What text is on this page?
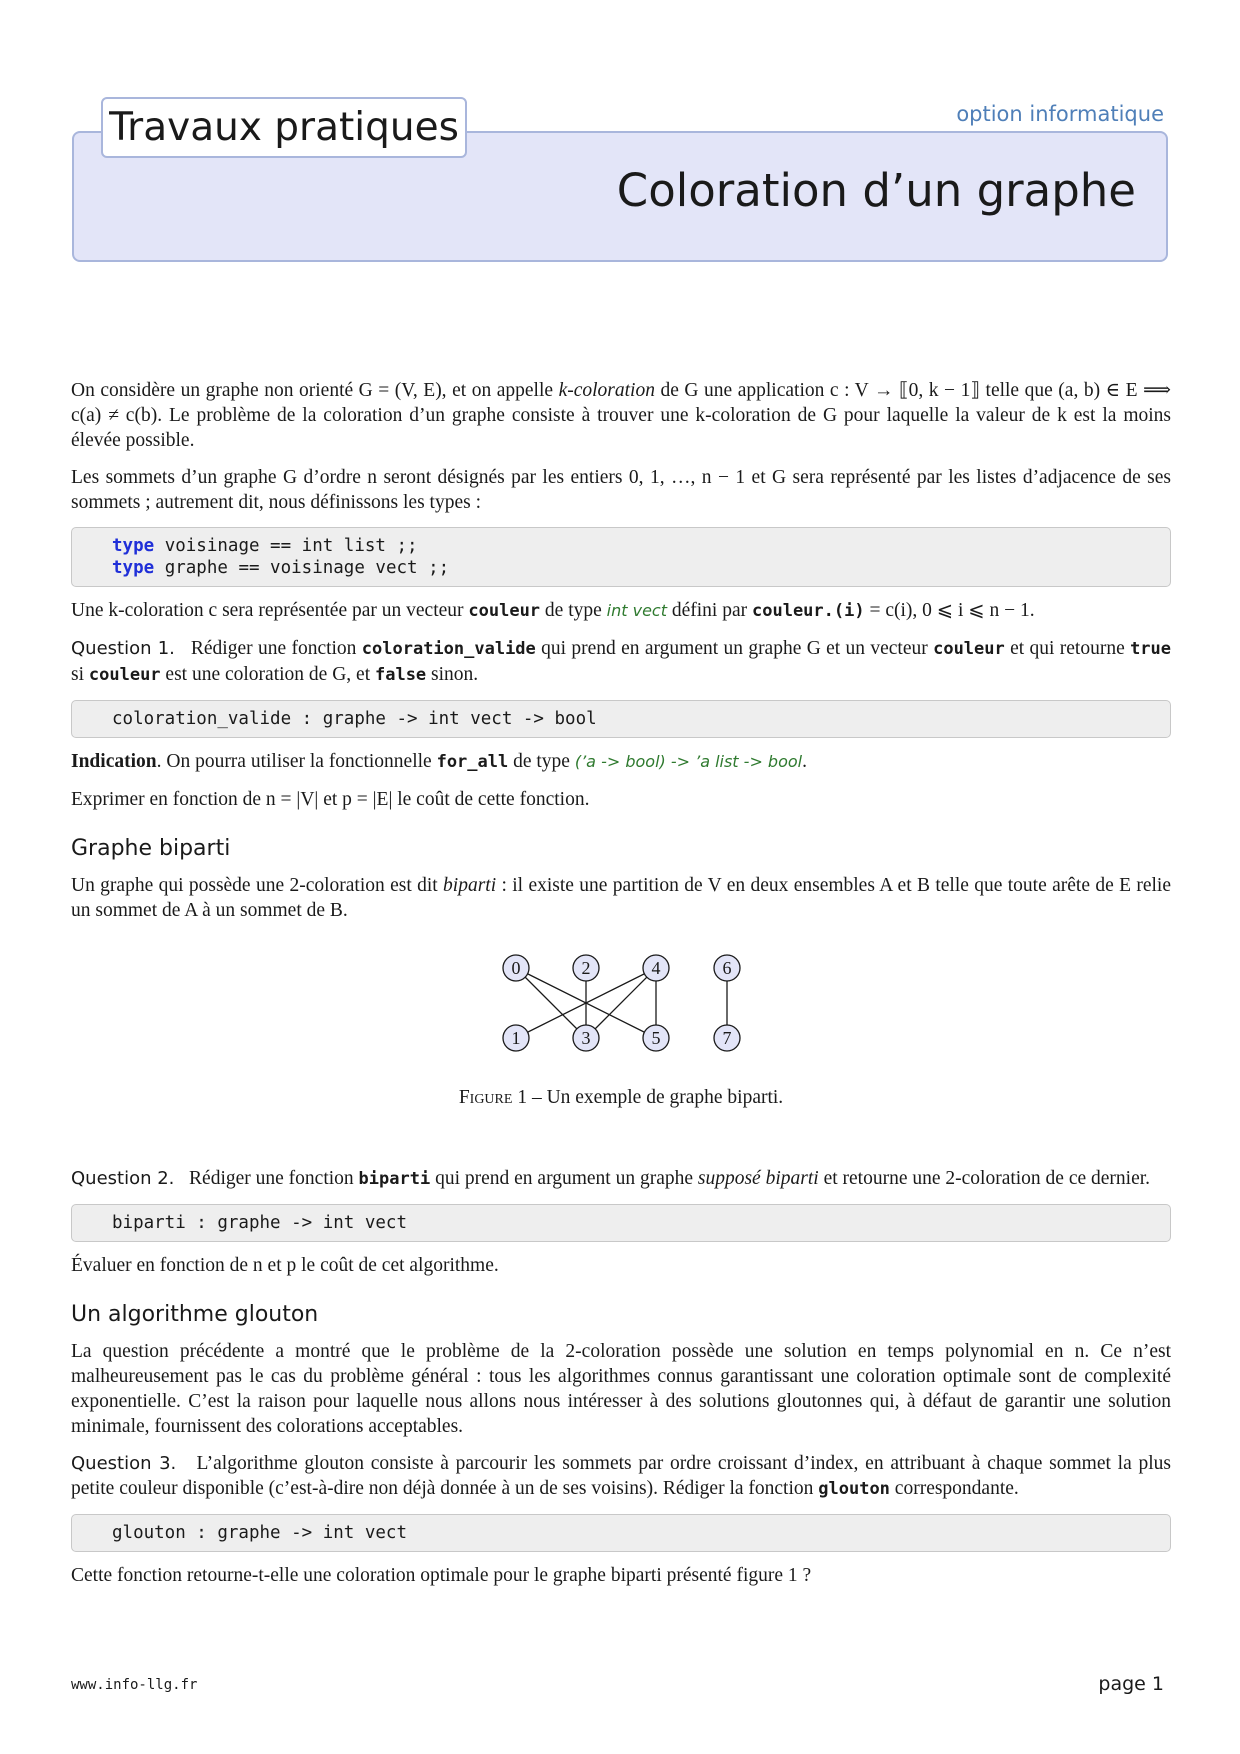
Travaux pratiques	option informatique
Coloration d’un graphe

On considère un graphe non orienté G = (V, E), et on appelle k-coloration de G une application c : V → ⟦0, k − 1⟧ telle que (a, b) ∈ E ⟹ c(a) ≠ c(b). Le problème de la coloration d’un graphe consiste à trouver une k-coloration de G pour laquelle la valeur de k est la moins élevée possible.

Les sommets d’un graphe G d’ordre n seront désignés par les entiers 0, 1, …, n − 1 et G sera représenté par les listes d’adjacence de ses sommets ; autrement dit, nous définissons les types :

type voisinage == int list ;;
type graphe == voisinage vect ;;

Une k-coloration c sera représentée par un vecteur couleur de type int vect défini par couleur.(i) = c(i), 0 ⩽ i ⩽ n − 1.

Question 1. Rédiger une fonction coloration_valide qui prend en argument un graphe G et un vecteur couleur et qui retourne true si couleur est une coloration de G, et false sinon.

coloration_valide : graphe -> int vect -> bool

Indication. On pourra utiliser la fonctionnelle for_all de type (’a -> bool) -> ’a list -> bool.

Exprimer en fonction de n = |V| et p = |E| le coût de cette fonction.

Graphe biparti

Un graphe qui possède une 2-coloration est dit biparti : il existe une partition de V en deux ensembles A et B telle que toute arête de E relie un sommet de A à un sommet de B.

0	2	4	6
1	3	5	7

Figure 1 – Un exemple de graphe biparti.

Question 2. Rédiger une fonction biparti qui prend en argument un graphe supposé biparti et retourne une 2-coloration de ce dernier.

biparti : graphe -> int vect

Évaluer en fonction de n et p le coût de cet algorithme.

Un algorithme glouton

La question précédente a montré que le problème de la 2-coloration possède une solution en temps polynomial en n. Ce n’est malheureusement pas le cas du problème général : tous les algorithmes connus garantissant une coloration optimale sont de complexité exponentielle. C’est la raison pour laquelle nous allons nous intéresser à des solutions gloutonnes qui, à défaut de garantir une solution minimale, fournissent des colorations acceptables.

Question 3. L’algorithme glouton consiste à parcourir les sommets par ordre croissant d’index, en attribuant à chaque sommet la plus petite couleur disponible (c’est-à-dire non déjà donnée à un de ses voisins). Rédiger la fonction glouton correspondante.

glouton : graphe -> int vect

Cette fonction retourne-t-elle une coloration optimale pour le graphe biparti présenté figure 1 ?

www.info-llg.fr	page 1
